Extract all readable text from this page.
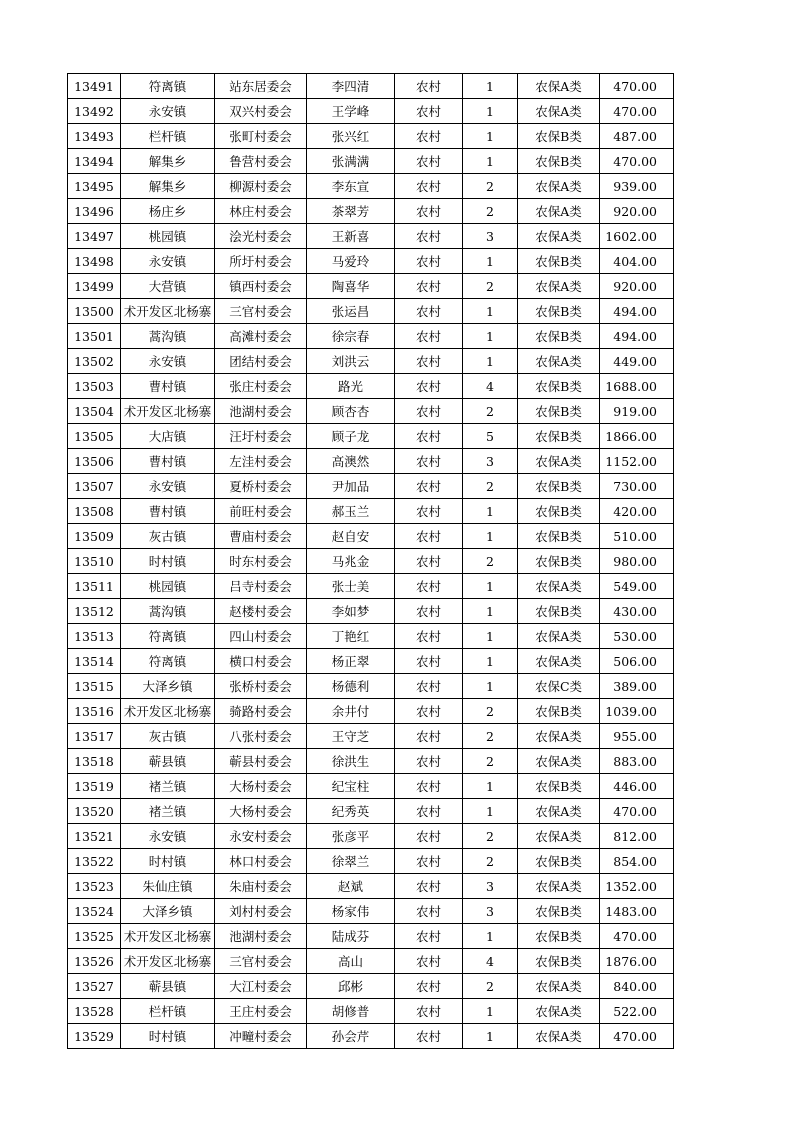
13491	符离镇	站东居委会	李四清	农村	1	农保A类	470.00
13492	永安镇	双兴村委会	王学峰	农村	1	农保A类	470.00
13493	栏杆镇	张町村委会	张兴红	农村	1	农保B类	487.00
13494	解集乡	鲁营村委会	张满满	农村	1	农保B类	470.00
13495	解集乡	柳源村委会	李东宣	农村	2	农保A类	939.00
13496	杨庄乡	林庄村委会	茶翠芳	农村	2	农保A类	920.00
13497	桃园镇	浍光村委会	王新喜	农村	3	农保A类	1602.00
13498	永安镇	所圩村委会	马爱玲	农村	1	农保B类	404.00
13499	大营镇	镇西村委会	陶喜华	农村	2	农保A类	920.00
13500	术开发区北杨寨	三官村委会	张运昌	农村	1	农保B类	494.00
13501	蒿沟镇	高滩村委会	徐宗春	农村	1	农保B类	494.00
13502	永安镇	团结村委会	刘洪云	农村	1	农保A类	449.00
13503	曹村镇	张庄村委会	路光	农村	4	农保B类	1688.00
13504	术开发区北杨寨	池湖村委会	顾杏杏	农村	2	农保B类	919.00
13505	大店镇	汪圩村委会	顾子龙	农村	5	农保B类	1866.00
13506	曹村镇	左洼村委会	高澳然	农村	3	农保A类	1152.00
13507	永安镇	夏桥村委会	尹加品	农村	2	农保B类	730.00
13508	曹村镇	前旺村委会	郝玉兰	农村	1	农保B类	420.00
13509	灰古镇	曹庙村委会	赵自安	农村	1	农保B类	510.00
13510	时村镇	时东村委会	马兆金	农村	2	农保B类	980.00
13511	桃园镇	吕寺村委会	张士美	农村	1	农保A类	549.00
13512	蒿沟镇	赵楼村委会	李如梦	农村	1	农保B类	430.00
13513	符离镇	四山村委会	丁艳红	农村	1	农保A类	530.00
13514	符离镇	横口村委会	杨正翠	农村	1	农保A类	506.00
13515	大泽乡镇	张桥村委会	杨德利	农村	1	农保C类	389.00
13516	术开发区北杨寨	骑路村委会	余井付	农村	2	农保B类	1039.00
13517	灰古镇	八张村委会	王守芝	农村	2	农保A类	955.00
13518	蕲县镇	蕲县村委会	徐洪生	农村	2	农保A类	883.00
13519	褚兰镇	大杨村委会	纪宝柱	农村	1	农保B类	446.00
13520	褚兰镇	大杨村委会	纪秀英	农村	1	农保A类	470.00
13521	永安镇	永安村委会	张彦平	农村	2	农保A类	812.00
13522	时村镇	林口村委会	徐翠兰	农村	2	农保B类	854.00
13523	朱仙庄镇	朱庙村委会	赵斌	农村	3	农保A类	1352.00
13524	大泽乡镇	刘村村委会	杨家伟	农村	3	农保B类	1483.00
13525	术开发区北杨寨	池湖村委会	陆成芬	农村	1	农保B类	470.00
13526	术开发区北杨寨	三官村委会	高山	农村	4	农保B类	1876.00
13527	蕲县镇	大江村委会	邱彬	农村	2	农保A类	840.00
13528	栏杆镇	王庄村委会	胡修普	农村	1	农保A类	522.00
13529	时村镇	冲疃村委会	孙会芹	农村	1	农保A类	470.00
